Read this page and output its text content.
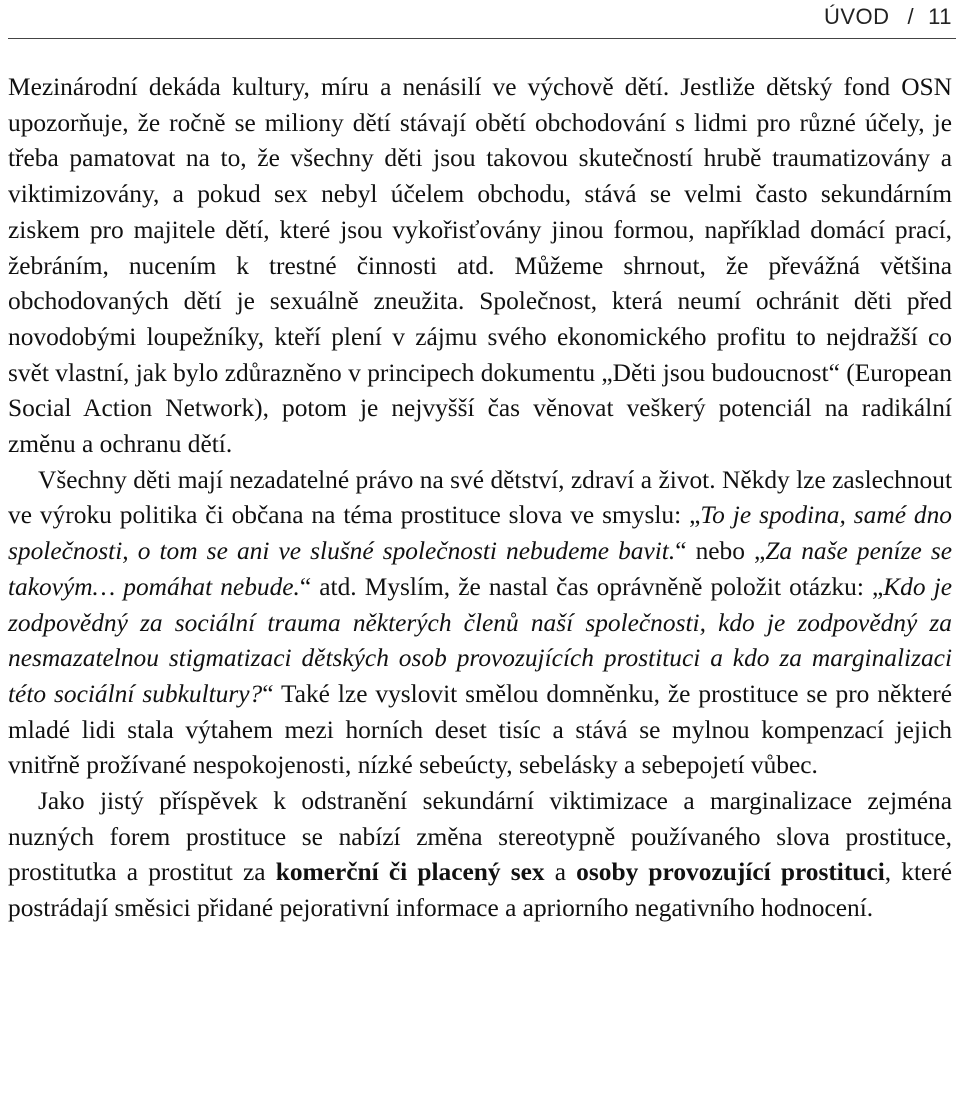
ÚVOD / 11

Mezinárodní dekáda kultury, míru a nenásilí ve výchově dětí. Jestliže dětský fond OSN upozorňuje, že ročně se miliony dětí stávají obětí obchodování s lidmi pro různé účely, je třeba pamatovat na to, že všechny děti jsou takovou skutečností hrubě traumatizovány a viktimizovány, a pokud sex nebyl účelem obchodu, stává se velmi často sekundárním ziskem pro majitele dětí, které jsou vykořisťovány jinou formou, například domácí prací, žebráním, nucením k trestné činnosti atd. Můžeme shrnout, že převážná většina obchodovaných dětí je sexuálně zneužita. Společnost, která neumí ochránit děti před novodobými loupežníky, kteří plení v zájmu svého ekonomického profitu to nejdražší co svět vlastní, jak bylo zdůrazněno v principech dokumentu „Děti jsou budoucnost“ (European Social Action Network), potom je nejvyšší čas věnovat veškerý potenciál na radikální změnu a ochranu dětí.

Všechny děti mají nezadatelné právo na své dětství, zdraví a život. Někdy lze zaslechnout ve výroku politika či občana na téma prostituce slova ve smyslu: „To je spodina, samé dno společnosti, o tom se ani ve slušné společnosti nebudeme bavit.“ nebo „Za naše peníze se takovým… pomáhat nebude.“ atd. Myslím, že nastal čas oprávněně položit otázku: „Kdo je zodpovědný za sociální trauma některých členů naší společnosti, kdo je zodpovědný za nesmazatelnou stigmatizaci dětských osob provozujících prostituci a kdo za marginalizaci této sociální subkultury?“ Také lze vyslovit smělou domněnku, že prostituce se pro některé mladé lidi stala výtahem mezi horních deset tisíc a stává se mylnou kompenzací jejich vnitřně prožívané nespokojenosti, nízké sebeúcty, sebelásky a sebepojetí vůbec.

Jako jistý příspěvek k odstranění sekundární viktimizace a marginalizace zejména nuzných forem prostituce se nabízí změna stereotypně používaného slova prostituce, prostitutka a prostitut za komerční či placený sex a osoby provozující prostituci, které postrádají směsici přidané pejorativní informace a apriorního negativního hodnocení.
